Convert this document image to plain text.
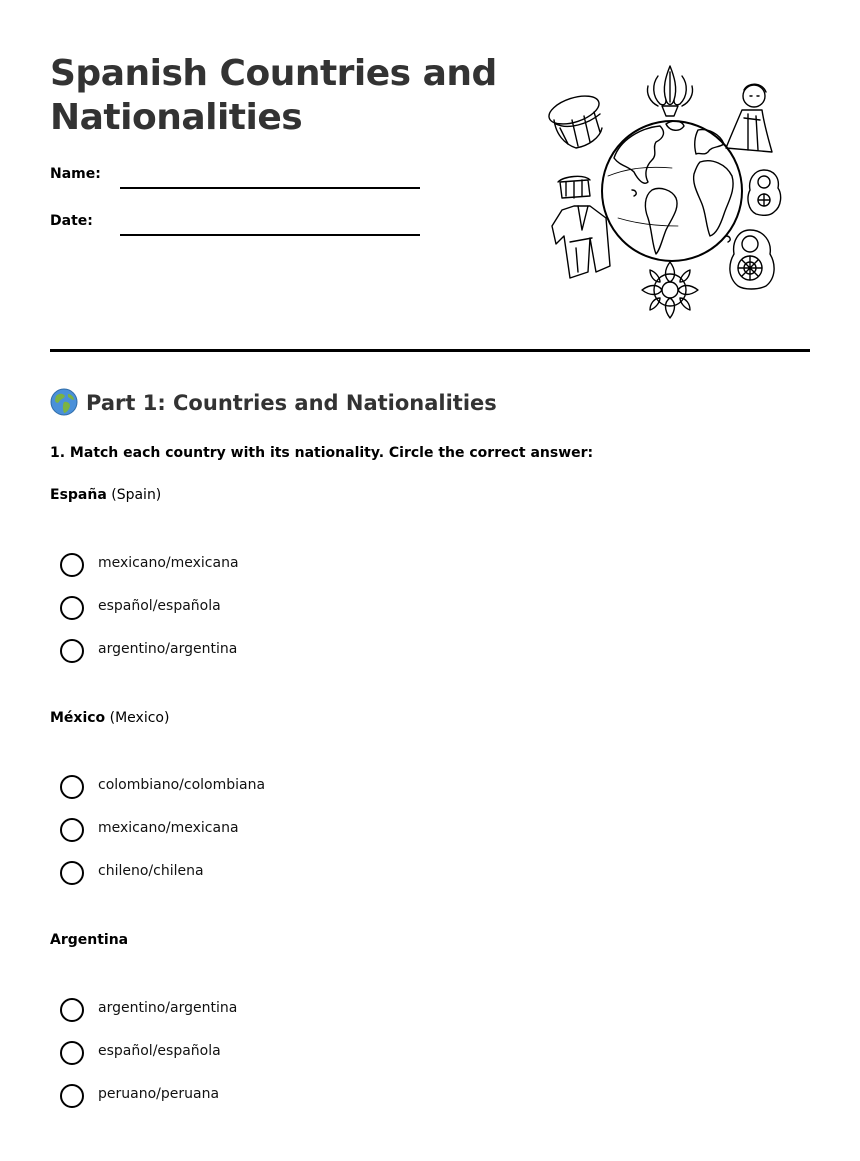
Spanish Countries and Nationalities
Name:
Date:
Part 1: Countries and Nationalities
1. Match each country with its nationality. Circle the correct answer:
España (Spain)
mexicano/mexicana
español/española
argentino/argentina
México (Mexico)
colombiano/colombiana
mexicano/mexicana
chileno/chilena
Argentina
argentino/argentina
español/española
peruano/peruana
